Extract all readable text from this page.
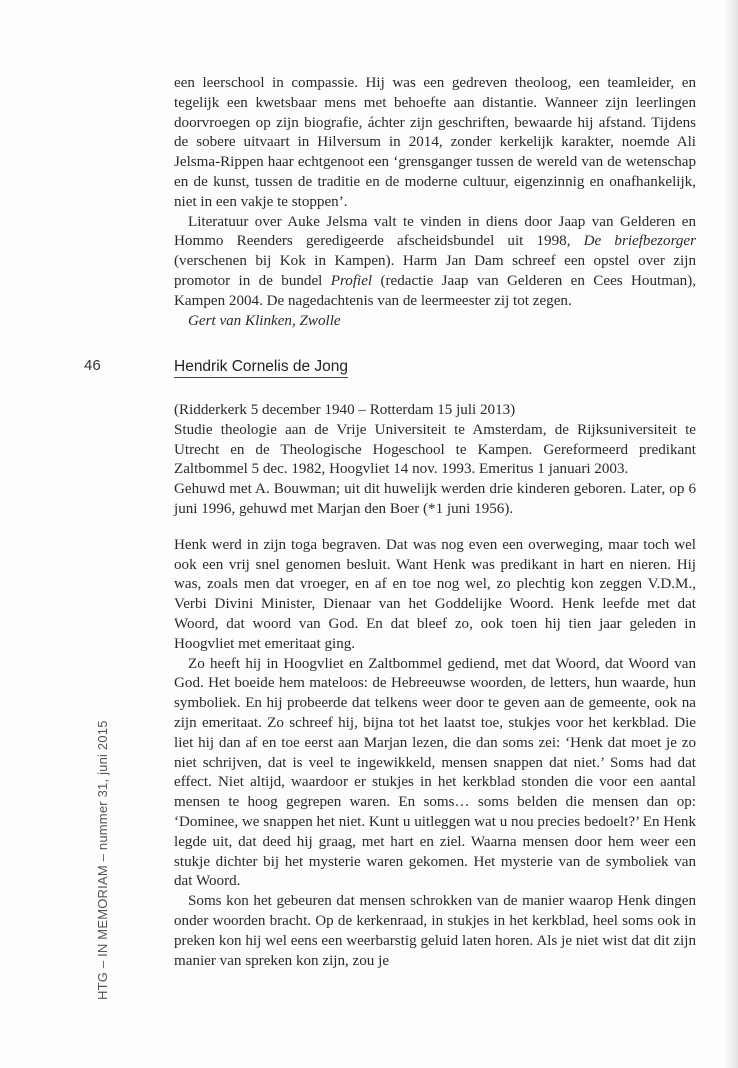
een leerschool in compassie. Hij was een gedreven theoloog, een teamleider, en tegelijk een kwetsbaar mens met behoefte aan distantie. Wanneer zijn leerlingen doorvroegen op zijn biografie, áchter zijn geschriften, bewaarde hij afstand. Tijdens de sobere uitvaart in Hilversum in 2014, zonder kerkelijk karakter, noemde Ali Jelsma-Rippen haar echtgenoot een ‘grensganger tussen de wereld van de wetenschap en de kunst, tussen de traditie en de moderne cultuur, eigenzinnig en onafhankelijk, niet in een vakje te stoppen’.

Literatuur over Auke Jelsma valt te vinden in diens door Jaap van Gelderen en Hommo Reenders geredigeerde afscheidsbundel uit 1998, De briefbezorger (verschenen bij Kok in Kampen). Harm Jan Dam schreef een opstel over zijn promotor in de bundel Profiel (redactie Jaap van Gelderen en Cees Houtman), Kampen 2004. De nagedachtenis van de leermeester zij tot zegen.

Gert van Klinken, Zwolle

46	Hendrik Cornelis de Jong

(Ridderkerk 5 december 1940 – Rotterdam 15 juli 2013)

Studie theologie aan de Vrije Universiteit te Amsterdam, de Rijksuniversiteit te Utrecht en de Theologische Hogeschool te Kampen. Gereformeerd predikant Zaltbommel 5 dec. 1982, Hoogvliet 14 nov. 1993. Emeritus 1 januari 2003.

Gehuwd met A. Bouwman; uit dit huwelijk werden drie kinderen geboren. Later, op 6 juni 1996, gehuwd met Marjan den Boer (*1 juni 1956).

Henk werd in zijn toga begraven. Dat was nog even een overweging, maar toch wel ook een vrij snel genomen besluit. Want Henk was predikant in hart en nieren. Hij was, zoals men dat vroeger, en af en toe nog wel, zo plechtig kon zeggen V.D.M., Verbi Divini Minister, Dienaar van het Goddelijke Woord. Henk leefde met dat Woord, dat woord van God. En dat bleef zo, ook toen hij tien jaar geleden in Hoogvliet met emeritaat ging.

Zo heeft hij in Hoogvliet en Zaltbommel gediend, met dat Woord, dat Woord van God. Het boeide hem mateloos: de Hebreeuwse woorden, de letters, hun waarde, hun symboliek. En hij probeerde dat telkens weer door te geven aan de gemeente, ook na zijn emeritaat. Zo schreef hij, bijna tot het laatst toe, stukjes voor het kerkblad. Die liet hij dan af en toe eerst aan Marjan lezen, die dan soms zei: ‘Henk dat moet je zo niet schrijven, dat is veel te ingewikkeld, mensen snappen dat niet.’ Soms had dat effect. Niet altijd, waardoor er stukjes in het kerkblad stonden die voor een aantal mensen te hoog gegrepen waren. En soms… soms belden die mensen dan op: ‘Dominee, we snappen het niet. Kunt u uitleggen wat u nou precies bedoelt?’ En Henk legde uit, dat deed hij graag, met hart en ziel. Waarna mensen door hem weer een stukje dichter bij het mysterie waren gekomen. Het mysterie van de symboliek van dat Woord.

Soms kon het gebeuren dat mensen schrokken van de manier waarop Henk dingen onder woorden bracht. Op de kerkenraad, in stukjes in het kerkblad, heel soms ook in preken kon hij wel eens een weerbarstig geluid laten horen. Als je niet wist dat dit zijn manier van spreken kon zijn, zou je

HTG – IN MEMORIAM – nummer 31, juni 2015
